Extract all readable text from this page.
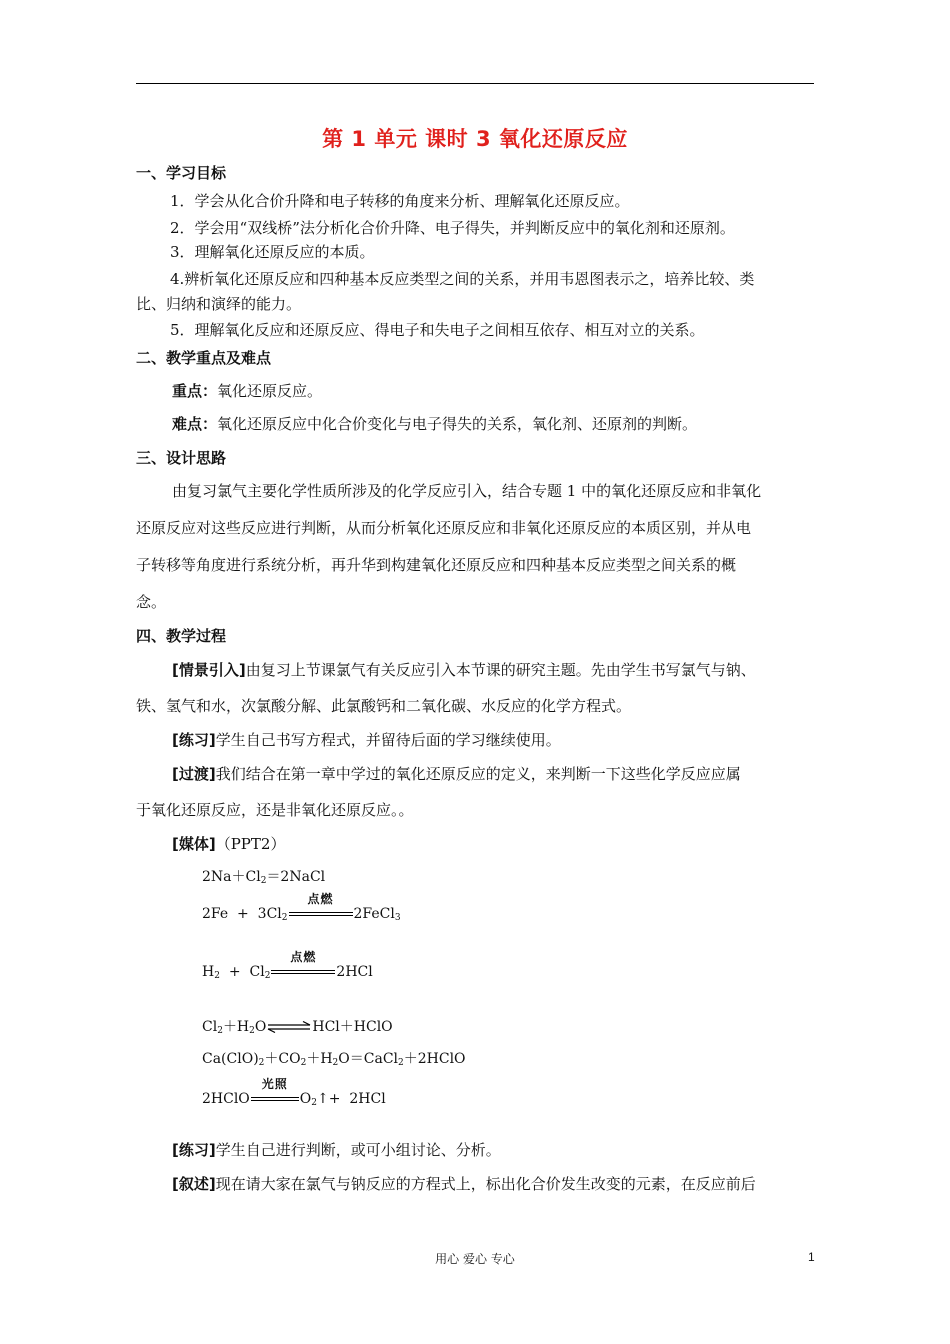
第 1 单元 课时 3 氧化还原反应
一、学习目标
1．学会从化合价升降和电子转移的角度来分析、理解氧化还原反应。
2．学会用“双线桥”法分析化合价升降、电子得失，并判断反应中的氧化剂和还原剂。
3．理解氧化还原反应的本质。
4.辨析氧化还原反应和四种基本反应类型之间的关系，并用韦恩图表示之，培养比较、类
比、归纳和演绎的能力。
5．理解氧化反应和还原反应、得电子和失电子之间相互依存、相互对立的关系。
二、教学重点及难点
重点：氧化还原反应。
难点：氧化还原反应中化合价变化与电子得失的关系，氧化剂、还原剂的判断。
三、设计思路
由复习氯气主要化学性质所涉及的化学反应引入，结合专题 1 中的氧化还原反应和非氧化
还原反应对这些反应进行判断，从而分析氧化还原反应和非氧化还原反应的本质区别，并从电
子转移等角度进行系统分析，再升华到构建氧化还原反应和四种基本反应类型之间关系的概
念。
四、教学过程
[情景引入]由复习上节课氯气有关反应引入本节课的研究主题。先由学生书写氯气与钠、
铁、氢气和水，次氯酸分解、此氯酸钙和二氧化碳、水反应的化学方程式。
[练习]学生自己书写方程式，并留待后面的学习继续使用。
[过渡]我们结合在第一章中学过的氧化还原反应的定义，来判断一下这些化学反应应属
于氧化还原反应，还是非氧化还原反应。。
[媒体]（PPT2）
$2Na+Cl_2=2NaCl$
$2Fe + 3Cl_2$
点燃
2FeCl$_3$
$H_2 + Cl_2$
点燃
2HCl
$Cl_2+H_2O\rightleftharpoons HCl+HClO$
$Ca(ClO)_2+CO_2+H_2O=CaCl_2+2HClO$
2HClO
光照
$O_2↑+ 2HCl$
[练习]学生自己进行判断，或可小组讨论、分析。
[叙述]现在请大家在氯气与钠反应的方程式上，标出化合价发生改变的元素，在反应前后
用心 爱心 专心	1
